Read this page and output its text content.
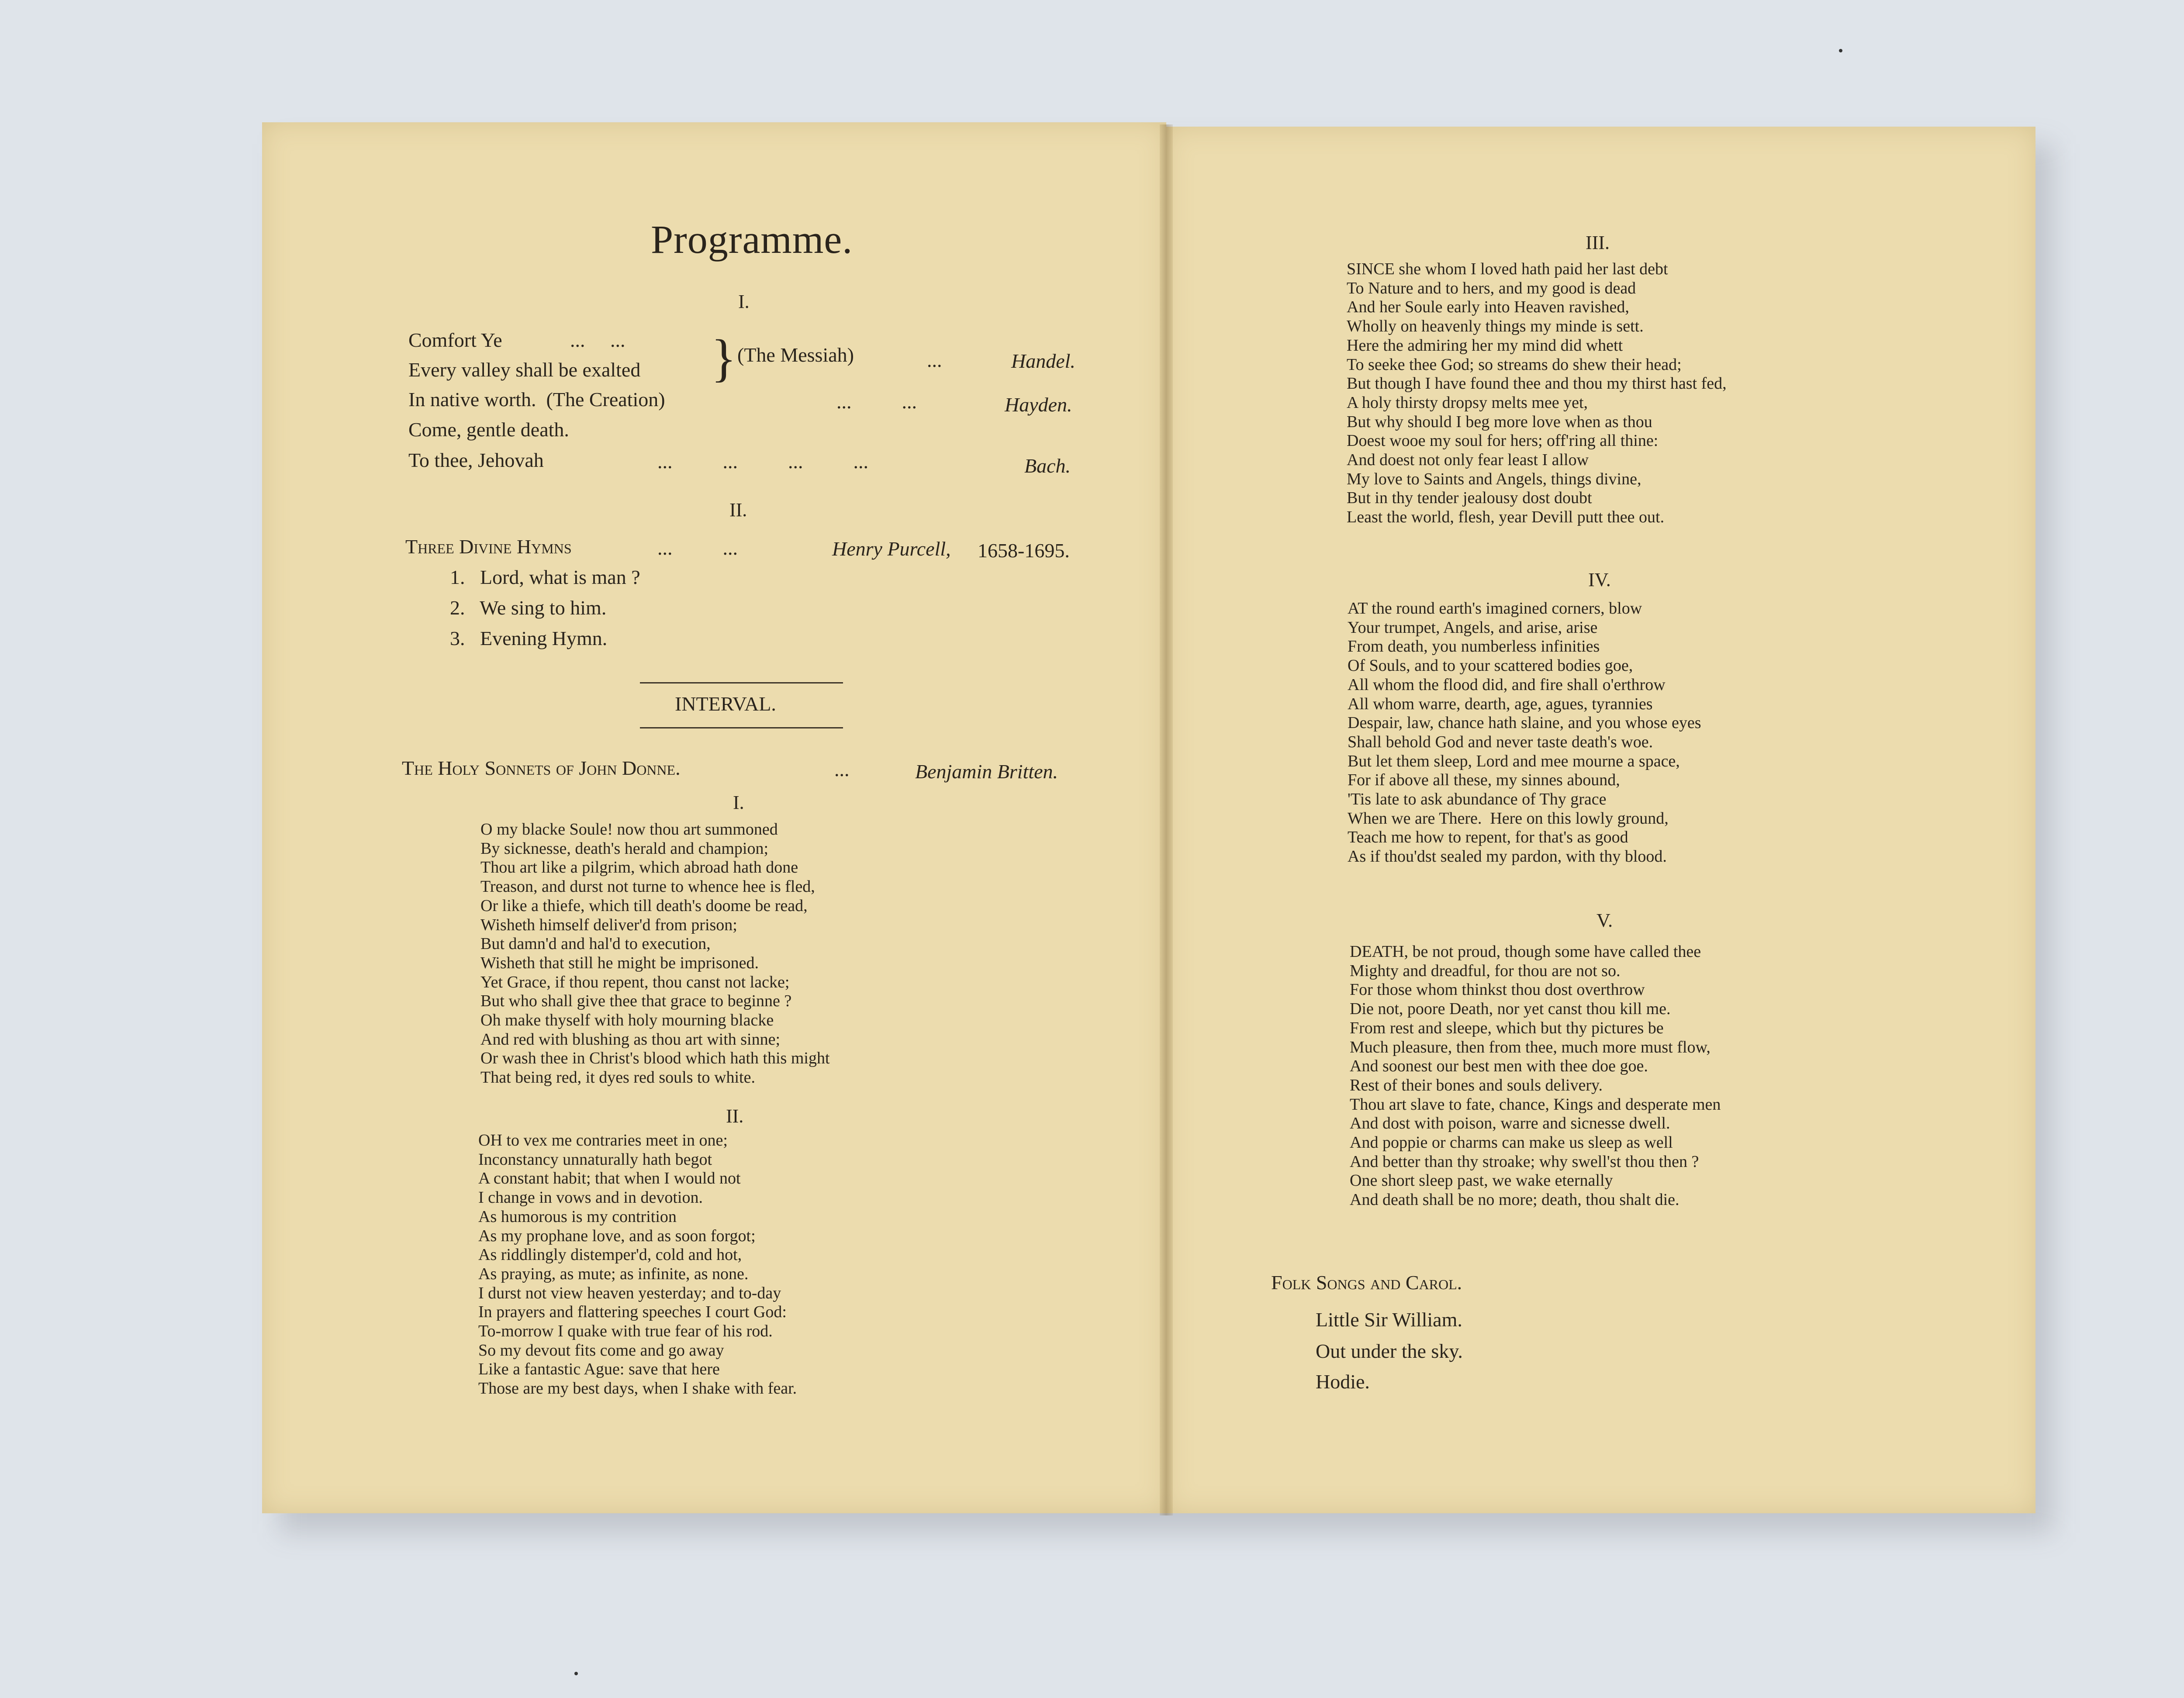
Programme.
I.
Comfort Ye	...     ...
Every valley shall be exalted } (The Messiah)	...	Handel.
In native worth.  (The Creation)	...          ...	Hayden.
Come, gentle death.
To thee, Jehovah	...          ...          ...          ...	Bach.
II.
Three Divine Hymns	...          ...	Henry Purcell, 1658-1695.
1.   Lord, what is man ?
2.   We sing to him.
3.   Evening Hymn.
INTERVAL.
The Holy Sonnets of John Donne.	...	Benjamin Britten.
I.
O my blacke Soule! now thou art summoned
By sicknesse, death's herald and champion;
Thou art like a pilgrim, which abroad hath done
Treason, and durst not turne to whence hee is fled,
Or like a thiefe, which till death's doome be read,
Wisheth himself deliver'd from prison;
But damn'd and hal'd to execution,
Wisheth that still he might be imprisoned.
Yet Grace, if thou repent, thou canst not lacke;
But who shall give thee that grace to beginne ?
Oh make thyself with holy mourning blacke
And red with blushing as thou art with sinne;
Or wash thee in Christ's blood which hath this might
That being red, it dyes red souls to white.
II.
OH to vex me contraries meet in one;
Inconstancy unnaturally hath begot
A constant habit; that when I would not
I change in vows and in devotion.
As humorous is my contrition
As my prophane love, and as soon forgot;
As riddlingly distemper'd, cold and hot,
As praying, as mute; as infinite, as none.
I durst not view heaven yesterday; and to-day
In prayers and flattering speeches I court God:
To-morrow I quake with true fear of his rod.
So my devout fits come and go away
Like a fantastic Ague: save that here
Those are my best days, when I shake with fear.
III.
SINCE she whom I loved hath paid her last debt
To Nature and to hers, and my good is dead
And her Soule early into Heaven ravished,
Wholly on heavenly things my minde is sett.
Here the admiring her my mind did whett
To seeke thee God; so streams do shew their head;
But though I have found thee and thou my thirst hast fed,
A holy thirsty dropsy melts mee yet,
But why should I beg more love when as thou
Doest wooe my soul for hers; off'ring all thine:
And doest not only fear least I allow
My love to Saints and Angels, things divine,
But in thy tender jealousy dost doubt
Least the world, flesh, year Devill putt thee out.
IV.
AT the round earth's imagined corners, blow
Your trumpet, Angels, and arise, arise
From death, you numberless infinities
Of Souls, and to your scattered bodies goe,
All whom the flood did, and fire shall o'erthrow
All whom warre, dearth, age, agues, tyrannies
Despair, law, chance hath slaine, and you whose eyes
Shall behold God and never taste death's woe.
But let them sleep, Lord and mee mourne a space,
For if above all these, my sinnes abound,
'Tis late to ask abundance of Thy grace
When we are There.  Here on this lowly ground,
Teach me how to repent, for that's as good
As if thou'dst sealed my pardon, with thy blood.
V.
DEATH, be not proud, though some have called thee
Mighty and dreadful, for thou are not so.
For those whom thinkst thou dost overthrow
Die not, poore Death, nor yet canst thou kill me.
From rest and sleepe, which but thy pictures be
Much pleasure, then from thee, much more must flow,
And soonest our best men with thee doe goe.
Rest of their bones and souls delivery.
Thou art slave to fate, chance, Kings and desperate men
And dost with poison, warre and sicnesse dwell.
And poppie or charms can make us sleep as well
And better than thy stroake; why swell'st thou then ?
One short sleep past, we wake eternally
And death shall be no more; death, thou shalt die.
Folk Songs and Carol.
Little Sir William.
Out under the sky.
Hodie.
